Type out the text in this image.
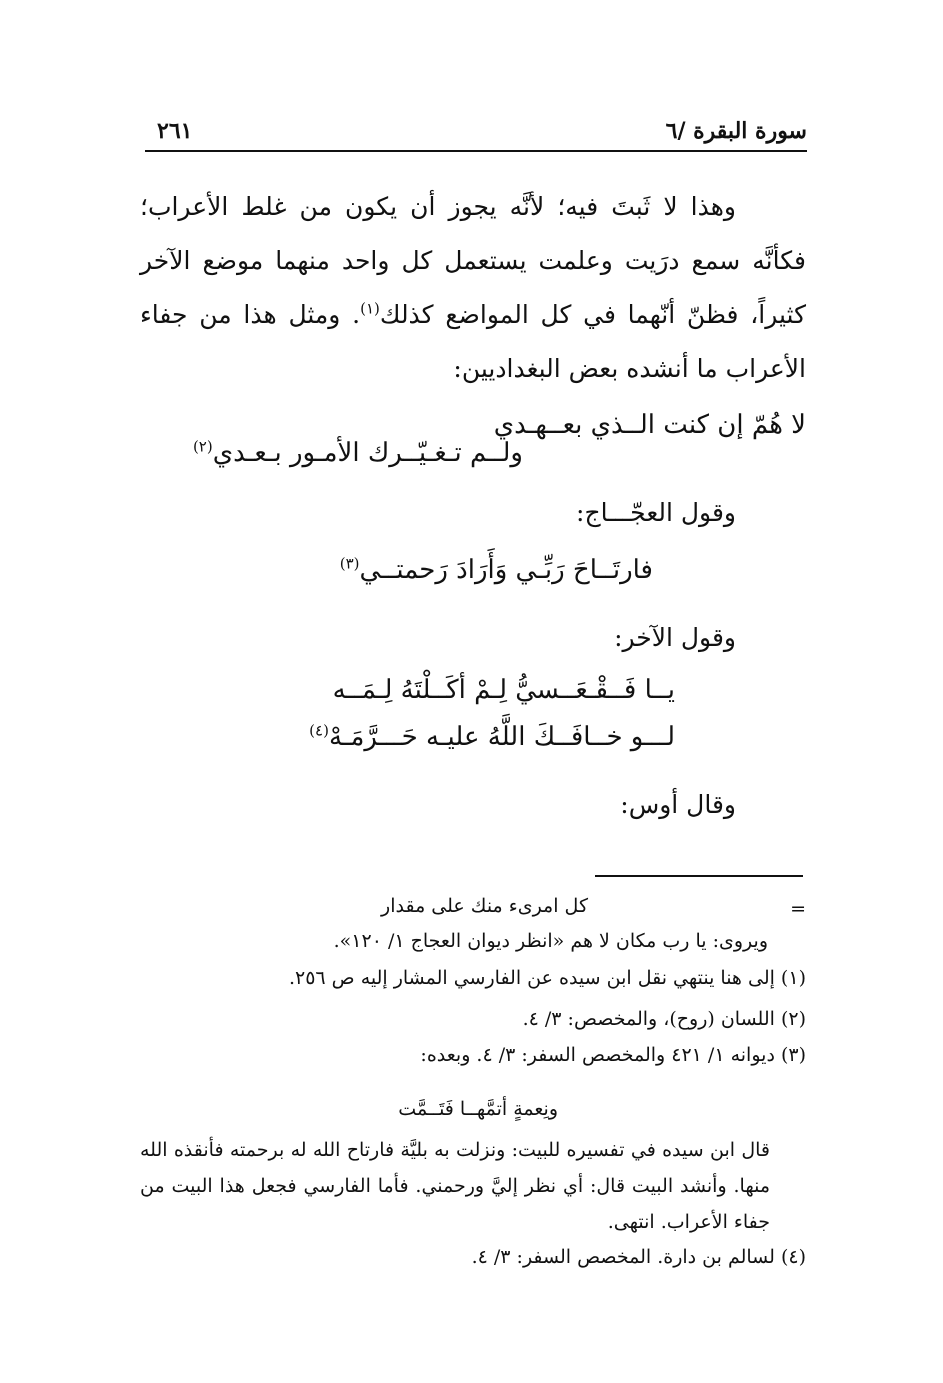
سورة البقرة /٦
٢٦١

وهذا لا ثَبتَ فيه؛ لأنَّه يجوز أن يكون من غلط الأعراب؛ فكأنَّه سمع درَيت وعلمت يستعمل كل واحد منهما موضع الآخر كثيراً، فظنّ أنّهما في كل المواضع كذلك$^{(١)}$. ومثل هذا من جفاء الأعراب ما أنشده بعض البغداديين:

لا هُمّ إن كنت الــذي بعــهـدي
ولــم تـغـيّــرك الأمـور بـعـدي$^{(٢)}$
وقول العجّـــاج:
فارتَــاحَ رَبِّـي وَأَرَادَ رَحمتــي$^{(٣)}$
وقول الآخر:
يــا فَــقْـعَــسيُّ لِـمْ أكَــلْتَهُ لِـمَــه
لـــو خــافَــكَ اللَّهُ عليـه حَـــرَّمَـهْ$^{(٤)}$
وقال أوس:
=
كل امرىء منك على مقدار
ويروى: يا رب مكان لا هم «انظر ديوان العجاج ١/ ١٢٠».
(١) إلى هنا ينتهي نقل ابن سيده عن الفارسي المشار إليه ص ٢٥٦.
(٢) اللسان (روح)، والمخصص: ٣/ ٤.
(٣) ديوانه ١/ ٤٢١ والمخصص السفر: ٣/ ٤. وبعده:
ونِعمةٍ أتمَّهــا فَتَــمَّت
قال ابن سيده في تفسيره للبيت: ونزلت به بليَّة فارتاح الله له برحمته فأنقذه الله منها. وأنشد البيت قال: أي نظر إليَّ ورحمني. فأما الفارسي فجعل هذا البيت من جفاء الأعراب. انتهى.
(٤) لسالم بن دارة. المخصص السفر: ٣/ ٤.
